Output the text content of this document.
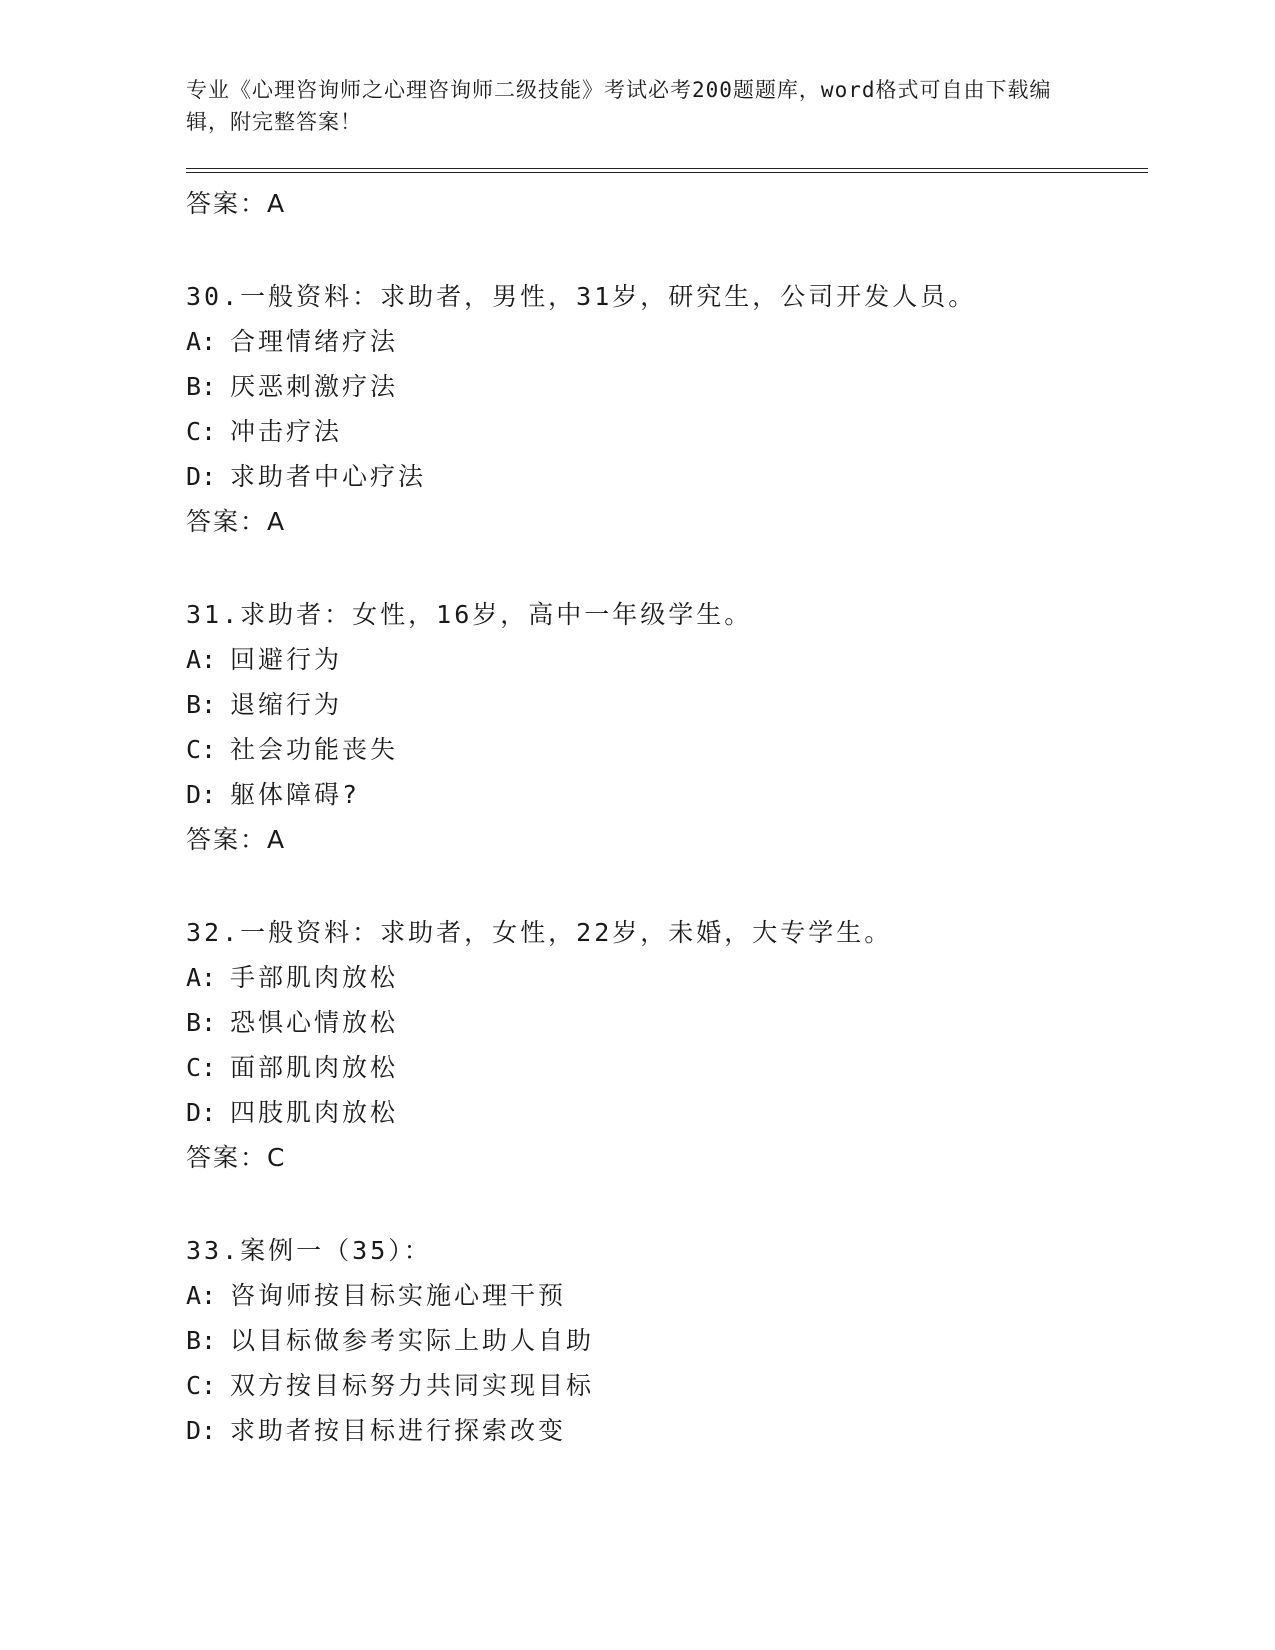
专业《心理咨询师之心理咨询师二级技能》考试必考200题题库，word格式可自由下载编辑，附完整答案！
答案：A
30.一般资料：求助者，男性，31岁，研究生，公司开发人员。
A: 合理情绪疗法
B: 厌恶刺激疗法
C: 冲击疗法
D: 求助者中心疗法
答案：A
31.求助者：女性，16岁，高中一年级学生。
A: 回避行为
B: 退缩行为
C: 社会功能丧失
D: 躯体障碍?
答案：A
32.一般资料：求助者，女性，22岁，未婚，大专学生。
A: 手部肌肉放松
B: 恐惧心情放松
C: 面部肌肉放松
D: 四肢肌肉放松
答案：C
33.案例一（35）：
A: 咨询师按目标实施心理干预
B: 以目标做参考实际上助人自助
C: 双方按目标努力共同实现目标
D: 求助者按目标进行探索改变
